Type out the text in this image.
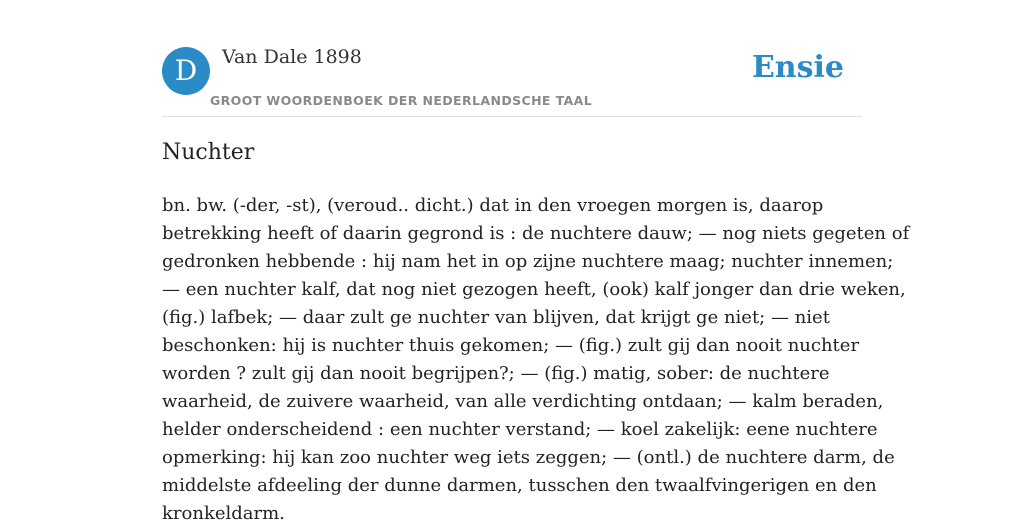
D	Van Dale 1898
GROOT WOORDENBOEK DER NEDERLANDSCHE TAAL
Ensie
Nuchter
bn. bw. (-der, -st), (veroud.. dicht.) dat in den vroegen morgen is, daarop
betrekking heeft of daarin gegrond is : de nuchtere dauw; — nog niets gegeten of
gedronken hebbende : hij nam het in op zijne nuchtere maag; nuchter innemen;
— een nuchter kalf, dat nog niet gezogen heeft, (ook) kalf jonger dan drie weken,
(fig.) lafbek; — daar zult ge nuchter van blijven, dat krijgt ge niet; — niet
beschonken: hij is nuchter thuis gekomen; — (fig.) zult gij dan nooit nuchter
worden ? zult gij dan nooit begrijpen?; — (fig.) matig, sober: de nuchtere
waarheid, de zuivere waarheid, van alle verdichting ontdaan; — kalm beraden,
helder onderscheidend : een nuchter verstand; — koel zakelijk: eene nuchtere
opmerking: hij kan zoo nuchter weg iets zeggen; — (ontl.) de nuchtere darm, de
middelste afdeeling der dunne darmen, tusschen den twaalfvingerigen en den
kronkeldarm.
